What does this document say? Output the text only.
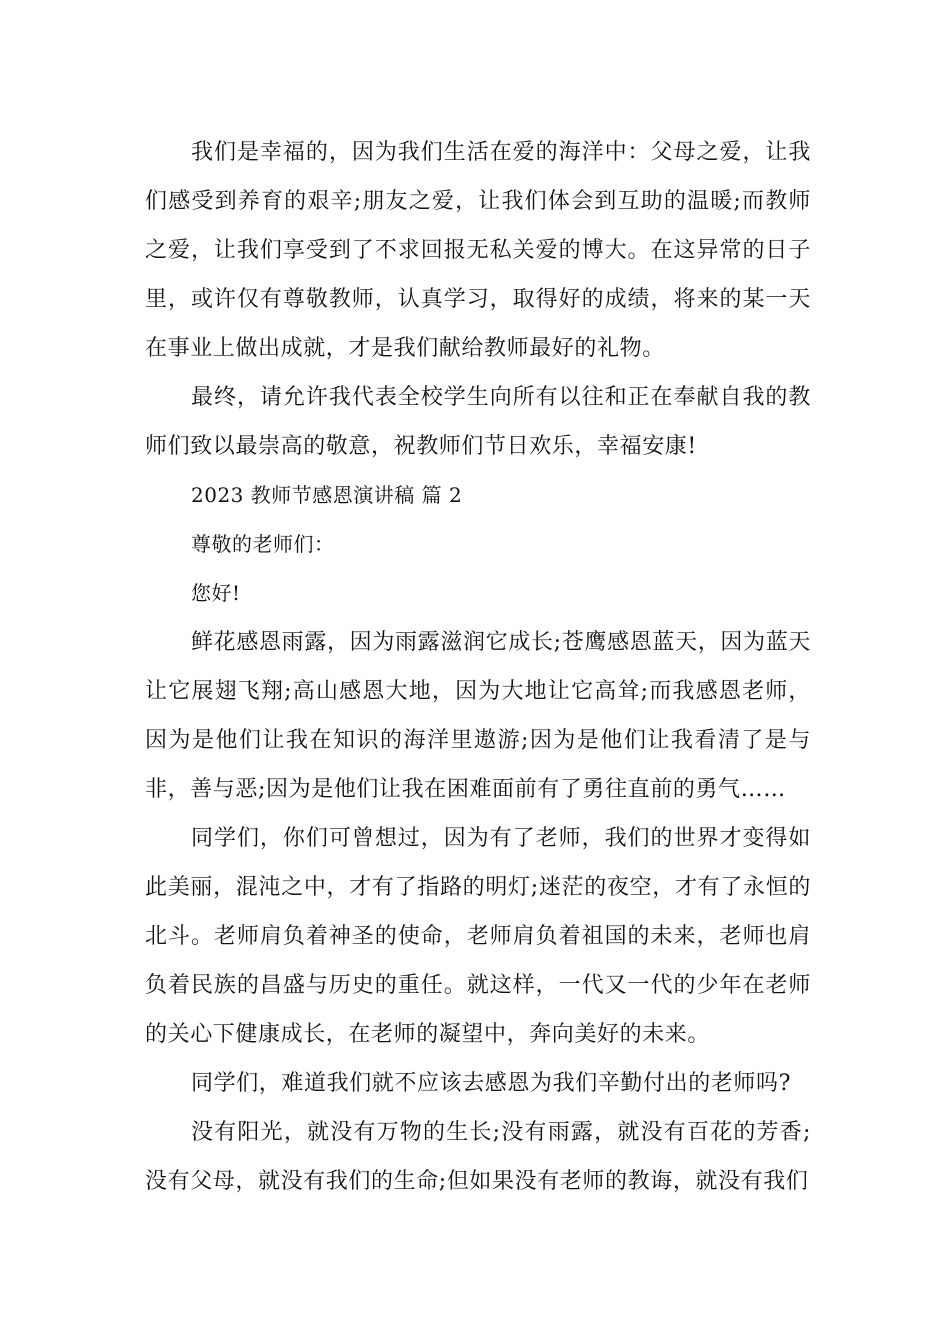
我们是幸福的，因为我们生活在爱的海洋中：父母之爱，让我们感受到养育的艰辛;朋友之爱，让我们体会到互助的温暖;而教师之爱，让我们享受到了不求回报无私关爱的博大。在这异常的日子里，或许仅有尊敬教师，认真学习，取得好的成绩，将来的某一天在事业上做出成就，才是我们献给教师最好的礼物。

最终，请允许我代表全校学生向所有以往和正在奉献自我的教师们致以最崇高的敬意，祝教师们节日欢乐，幸福安康!

2023 教师节感恩演讲稿 篇 2

尊敬的老师们：

您好!

鲜花感恩雨露，因为雨露滋润它成长;苍鹰感恩蓝天，因为蓝天让它展翅飞翔;高山感恩大地，因为大地让它高耸;而我感恩老师，因为是他们让我在知识的海洋里遨游;因为是他们让我看清了是与非，善与恶;因为是他们让我在困难面前有了勇往直前的勇气……

同学们，你们可曾想过，因为有了老师，我们的世界才变得如此美丽，混沌之中，才有了指路的明灯;迷茫的夜空，才有了永恒的北斗。老师肩负着神圣的使命，老师肩负着祖国的未来，老师也肩负着民族的昌盛与历史的重任。就这样，一代又一代的少年在老师的关心下健康成长，在老师的凝望中，奔向美好的未来。

同学们，难道我们就不应该去感恩为我们辛勤付出的老师吗?

没有阳光，就没有万物的生长;没有雨露，就没有百花的芳香;没有父母，就没有我们的生命;但如果没有老师的教诲，就没有我们
